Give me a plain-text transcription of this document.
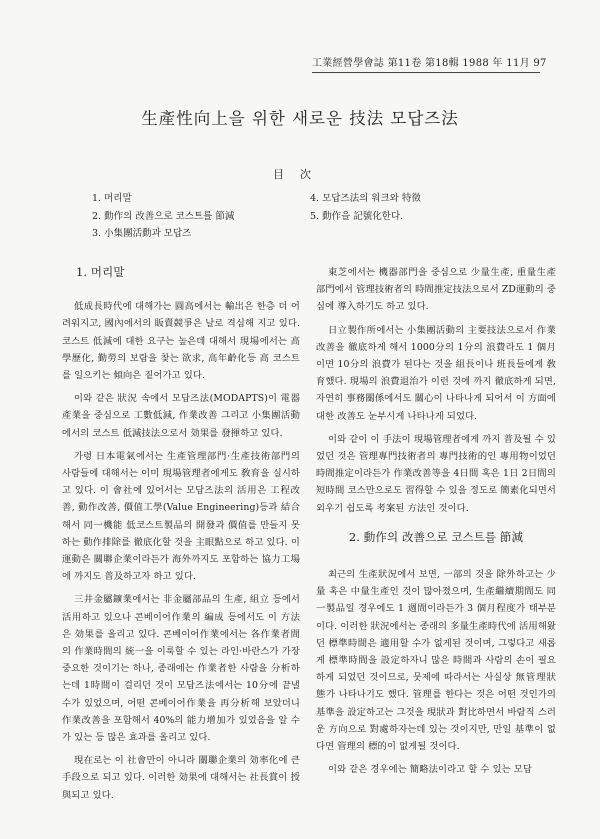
工業經營學會誌 第11卷 第18輯 1988 年 11月 97
生產性向上을 위한 새로운 技法 모답즈法
目次
1. 머리말
2. 動作의 改善으로 코스트를 節減
3. 小集團活動과 모답즈
4. 모답즈法의 워크와 特徵
5. 動作을 記號化한다.
1. 머리말

低成長時代에 대해가는 圓高에서는 輸出은 한층 더 어려워지고, 國內에서의 販賣競爭은 날로 격심해 지고 있다. 코스트 低減에 대한 요구는 높은데 대해서 現場에서는 高學歷化, 勤勞의 보람을 찾는 欲求, 高年齡化등 高 코스트를 일으키는 傾向은 짙어가고 있다.

이와 같은 狀況 속에서 모답즈法(MODAPTS)이 電器產業을 중심으로 工數低減, 作業改善 그리고 小集團活動에서의 코스트 低減技法으로서 効果를 發揮하고 있다.

가령 日本電氣에서는 生產管理部門·生產技術部門의 사람들에 대해서는 이미 現場管理者에게도 敎育을 실시하고 있다. 이 會社에 있어서는 모답즈法의 活用은 工程改善, 動作改善, 價值工學(Value Engineering)등과 結合해서 同一機能 低코스트製品의 開發과 價值를 만들지 못하는 動作排除를 徹底化할 것을 主眼點으로 하고 있다. 이 運動은 關聯企業이라든가 海外까지도 포함하는 協力工場에 까지도 普及하고자 하고 있다.

三井金屬鑛業에서는 非金屬部品의 生產, 組立 등에서 活用하고 있으나 콘베이어作業의 編成 등에서도 이 方法은 効果를 올리고 있다. 콘베이어作業에서는 各作業者間의 作業時間의 統一을 이룩할 수 있는 라인·바란스가 가장 중요한 것이기는 하나, 종래에는 作業者한 사람을 分析하는데 1時間이 걸리던 것이 모답즈法에서는 10分에 끝낼 수가 있었으며, 어떤 콘베이어作業을 再分析해 보았더니 作業改善을 포함해서 40%의 能力增加가 있었음을 알 수가 있는 등 많은 효과를 올리고 있다.

現在로는 이 社會만이 아니라 關聯企業의 効率化에 큰 手段으로 되고 있다. 이러한 効果에 대해서는 社長賞이 授與되고 있다.

東芝에서는 機器部門을 중심으로 少量生產, 重量生產部門에서 管理技術者의 時間推定技法으로서 ZD運動의 중심에 導入하기도 하고 있다.

日立製作所에서는 小集團活動의 主要技法으로서 作業改善을 徹底하게 해서 1000分의 1分의 浪費라도 1 個月이면 10分의 浪費가 된다는 것을 組長이나 班長들에게 敎育했다. 現場의 浪費退治가 이런 것에 까지 徹底하게 되면, 자연히 事務關係에서도 關心이 나타나게 되어서 이 方面에 대한 改善도 눈부시게 나타나게 되었다.

이와 같이 이 手法이 現場管理者에게 까지 普及될 수 있었던 것은 管理專門技術者의 專門技術的인 專用物이었던 時間推定이라든가 作業改善等을 4日間 혹은 1日 2日間의 短時間 코스만으로도 習得할 수 있을 정도로 簡素化되면서 외우기 쉽도록 考案된 方法인 것이다.

2. 動作의 改善으로 코스트를 節減

최근의 生產狀況에서 보면, 一部의 것을 除外하고는 少量 혹은 中量生產인 것이 많아졌으며, 生產繼續期間도 同一製品일 경우에도 1 週間이라든가 3 個月程度가 태부분이다. 이러한 狀況에서는 종래의 多量生產時代에 活用해왔던 標準時間은 適用할 수가 없게된 것이며, 그렇다고 새롭게 標準時間을 設定하자니 많은 時間과 사람의 손이 필요하게 되었던 것이므로, 뭇제에 따라서는 사실상 無管理狀態가 나타나기도 했다. 管理를 한다는 것은 어떤 것인가의 基準을 設定하고는 그것을 現狀과 對比하면서 바람직 스러운 方向으로 對處하자는데 있는 것이지만, 만일 基準이 없다면 管理의 標的이 없게될 것이다.

이와 같은 경우에는 簡略法이라고 할 수 있는 모답
